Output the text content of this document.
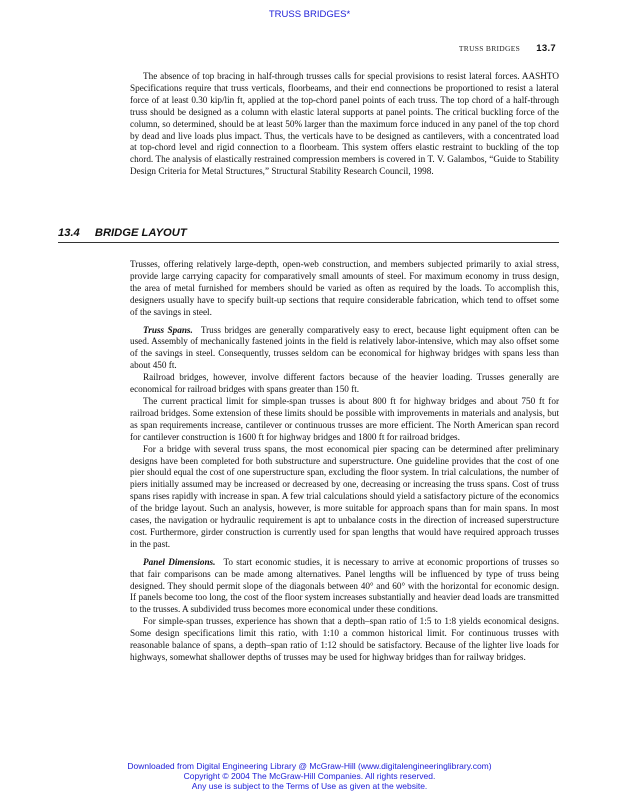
TRUSS BRIDGES*
TRUSS BRIDGES 13.7

The absence of top bracing in half-through trusses calls for special provisions to resist lateral forces. AASHTO Specifications require that truss verticals, floorbeams, and their end connections be proportioned to resist a lateral force of at least 0.30 kip/lin ft, applied at the top-chord panel points of each truss. The top chord of a half-through truss should be designed as a column with elastic lateral supports at panel points. The critical buckling force of the column, so determined, should be at least 50% larger than the maximum force induced in any panel of the top chord by dead and live loads plus impact. Thus, the verticals have to be designed as cantilevers, with a concentrated load at top-chord level and rigid connection to a floorbeam. This system offers elastic restraint to buckling of the top chord. The analysis of elastically restrained compression members is covered in T. V. Galambos, “Guide to Stability Design Criteria for Metal Structures,” Structural Stability Research Council, 1998.

13.4 BRIDGE LAYOUT

Trusses, offering relatively large-depth, open-web construction, and members subjected primarily to axial stress, provide large carrying capacity for comparatively small amounts of steel. For maximum economy in truss design, the area of metal furnished for members should be varied as often as required by the loads. To accomplish this, designers usually have to specify built-up sections that require considerable fabrication, which tend to offset some of the savings in steel.

Truss Spans. Truss bridges are generally comparatively easy to erect, because light equipment often can be used. Assembly of mechanically fastened joints in the field is relatively labor-intensive, which may also offset some of the savings in steel. Consequently, trusses seldom can be economical for highway bridges with spans less than about 450 ft.

Railroad bridges, however, involve different factors because of the heavier loading. Trusses generally are economical for railroad bridges with spans greater than 150 ft.

The current practical limit for simple-span trusses is about 800 ft for highway bridges and about 750 ft for railroad bridges. Some extension of these limits should be possible with improvements in materials and analysis, but as span requirements increase, cantilever or continuous trusses are more efficient. The North American span record for cantilever construction is 1600 ft for highway bridges and 1800 ft for railroad bridges.

For a bridge with several truss spans, the most economical pier spacing can be determined after preliminary designs have been completed for both substructure and superstructure. One guideline provides that the cost of one pier should equal the cost of one superstructure span, excluding the floor system. In trial calculations, the number of piers initially assumed may be increased or decreased by one, decreasing or increasing the truss spans. Cost of truss spans rises rapidly with increase in span. A few trial calculations should yield a satisfactory picture of the economics of the bridge layout. Such an analysis, however, is more suitable for approach spans than for main spans. In most cases, the navigation or hydraulic requirement is apt to unbalance costs in the direction of increased superstructure cost. Furthermore, girder construction is currently used for span lengths that would have required approach trusses in the past.

Panel Dimensions. To start economic studies, it is necessary to arrive at economic proportions of trusses so that fair comparisons can be made among alternatives. Panel lengths will be influenced by type of truss being designed. They should permit slope of the diagonals between 40° and 60° with the horizontal for economic design. If panels become too long, the cost of the floor system increases substantially and heavier dead loads are transmitted to the trusses. A subdivided truss becomes more economical under these conditions.

For simple-span trusses, experience has shown that a depth–span ratio of 1:5 to 1:8 yields economical designs. Some design specifications limit this ratio, with 1:10 a common historical limit. For continuous trusses with reasonable balance of spans, a depth–span ratio of 1:12 should be satisfactory. Because of the lighter live loads for highways, somewhat shallower depths of trusses may be used for highway bridges than for railway bridges.

Downloaded from Digital Engineering Library @ McGraw-Hill (www.digitalengineeringlibrary.com)
Copyright © 2004 The McGraw-Hill Companies. All rights reserved.
Any use is subject to the Terms of Use as given at the website.
